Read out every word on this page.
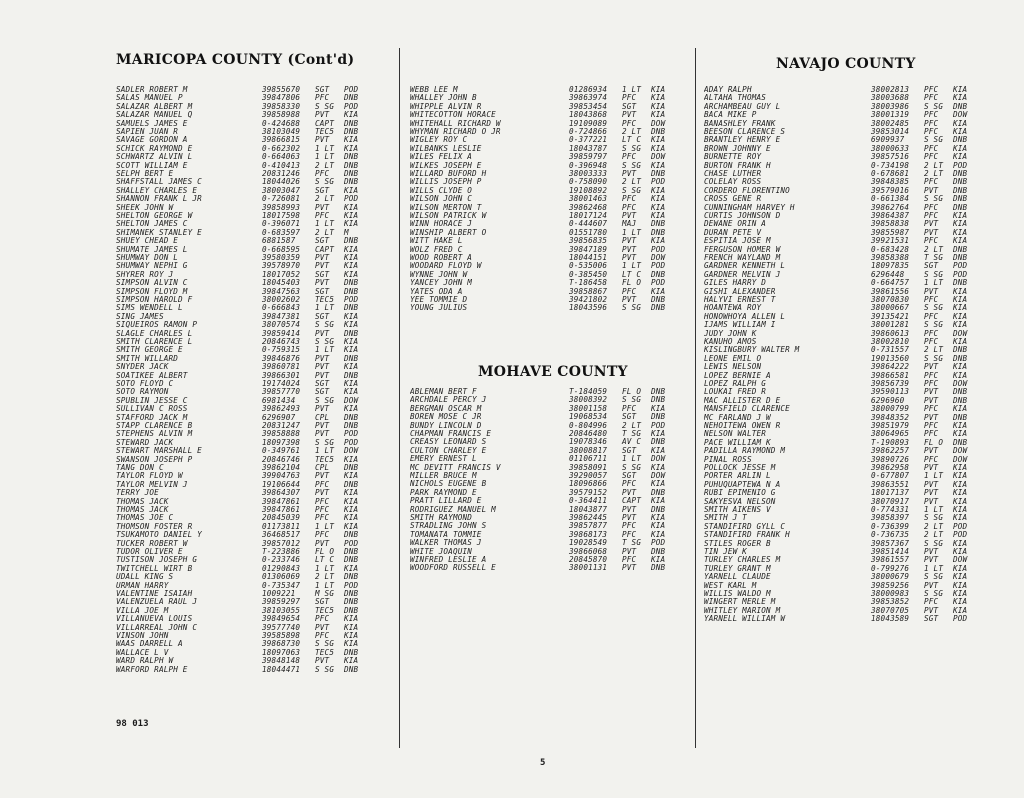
MARICOPA COUNTY (Cont'd)
SADLER ROBERT M	39855670	SGT	POD
SALAS MANUEL P	39847806	PFC	DNB
SALAZAR ALBERT M	39858330	S SG	POD
SALAZAR MANUEL Q	39858988	PVT	KIA
SAMUELS JAMES E	0-424688	CAPT	DNB
SAPIEN JUAN R	38103049	TEC5	DNB
SAVAGE GORDON A	39866815	PVT	KIA
SCHICK RAYMOND E	0-662302	1 LT	KIA
SCHWARTZ ALVIN L	0-664063	1 LT	DNB
SCOTT WILLIAM E	0-410413	2 LT	DNB
SELPH BERT E	20831246	PFC	DNB
SHAFFSTALL JAMES C	18044026	S SG	DNB
SHALLEY CHARLES E	38003047	SGT	KIA
SHANNON FRANK L JR	0-726081	2 LT	POD
SHEEK JOHN W	39858993	PVT	KIA
SHELTON GEORGE W	18017598	PFC	KIA
SHELTON JAMES C	0-396071	1 LT	KIA
SHIMANEK STANLEY E	0-683597	2 LT	M
SHUEY CHEAD E	6881587	SGT	DNB
SHUMATE JAMES L	0-668595	CAPT	KIA
SHUMWAY DON L	39580359	PVT	KIA
SHUMWAY NEPHI G	39578970	PVT	KIA
SHYRER ROY J	18017052	SGT	KIA
SIMPSON ALVIN C	18045403	PVT	DNB
SIMPSON FLOYD M	39847563	SGT	DNB
SIMPSON HAROLD F	38002602	TEC5	POD
SIMS WENDELL L	0-666843	1 LT	DNB
SING JAMES	39847381	SGT	KIA
SIQUEIROS RAMON P	38070574	S SG	KIA
SLAGLE CHARLES L	39859414	PVT	DNB
SMITH CLARENCE L	20846743	S SG	KIA
SMITH GEORGE E	0-759315	1 LT	KIA
SMITH WILLARD	39846876	PVT	DNB
SNYDER JACK	39860781	PVT	KIA
SOATIKEE ALBERT	39866301	PVT	DNB
SOTO FLOYD C	19174024	SGT	KIA
SOTO RAYMON	39857770	SGT	KIA
SPUBLIN JESSE C	6981434	S SG	DOW
SULLIVAN C ROSS	39862493	PVT	KIA
STAFFORD JACK M	6296907	CPL	DNB
STAPP CLARENCE B	20831247	PVT	DNB
STEPHENS ALVIN M	39858888	PVT	POD
STEWARD JACK	18097398	S SG	POD
STEWART MARSHALL E	0-349761	1 LT	DOW
SWANSON JOSEPH P	20846746	TEC5	KIA
TANG DON C	39862104	CPL	DNB
TAYLOR FLOYD W	39904763	PVT	KIA
TAYLOR MELVIN J	19106644	PFC	DNB
TERRY JOE	39864307	PVT	KIA
THOMAS JACK	39847861	PFC	KIA
THOMAS JACK	39847861	PFC	KIA
THOMAS JOE C	20845039	PFC	KIA
THOMSON FOSTER R	01173811	1 LT	KIA
TSUKAMOTO DANIEL Y	36468517	PFC	DNB
TUCKER ROBERT W	39857012	PVT	POD
TUDOR OLIVER E	T-223886	FL O	DNB
TUSTISON JOSEPH G	0-233746	LT C	DNB
TWITCHELL WIRT B	01290843	1 LT	KIA
UDALL KING S	01306069	2 LT	DNB
URMAN HARRY	0-735347	1 LT	POD
VALENTINE ISAIAH	1009221	M SG	DNB
VALENZUELA RAUL J	39859297	SGT	DNB
VILLA JOE M	38103055	TEC5	DNB
VILLANUEVA LOUIS	39849654	PFC	KIA
VILLARREAL JOHN C	39577740	PVT	KIA
VINSON JOHN	39585898	PFC	KIA
WAAS DARRELL A	39868730	S SG	KIA
WALLACE L V	18097063	TEC5	DNB
WARD RALPH W	39848148	PVT	KIA
WARFORD RALPH E	18044471	S SG	DNB
MOHAVE COUNTY
WEBB LEE M	01286934	1 LT	KIA
WHALLEY JOHN B	39863974	PFC	KIA
WHIPPLE ALVIN R	39853454	SGT	KIA
WHITECOTTON HORACE	18043868	PVT	KIA
WHITEHALL RICHARD W	19109089	PFC	DOW
WHYMAN RICHARD O JR	0-724866	2 LT	DNB
WIGLEY ROY C	0-377221	LT C	KIA
WILBANKS LESLIE	18043787	S SG	KIA
WILES FELIX A	39859797	PFC	DOW
WILKES JOSEPH E	0-396948	S SG	KIA
WILLARD BUFORD H	38003333	PVT	DNB
WILLIS JOSEPH P	0-758090	2 LT	POD
WILLS CLYDE O	19108892	S SG	KIA
WILSON JOHN C	38001463	PFC	KIA
WILSON MERTON T	39862468	PFC	KIA
WILSON PATRICK W	18017124	PVT	KIA
WINN HORACE J	0-444607	MAJ	DNB
WINSHIP ALBERT O	01551780	1 LT	DNB
WITT HAKE L	39856835	PVT	KIA
WOLZ FRED C	39847189	PVT	POD
WOOD ROBERT A	18044151	PVT	DOW
WOODARD FLOYD W	0-535006	1 LT	POD
WYNNE JOHN W	0-385450	LT C	DNB
YANCEY JOHN M	T-186458	FL O	POD
YATES ODA A	39858867	PFC	KIA
YEE TOMMIE D	39421802	PVT	DNB
YOUNG JULIUS	18043596	S SG	DNB
ABLEMAN BERT F	T-184059	FL O	DNB
ARCHDALE PERCY J	38008392	S SG	DNB
BERGMAN OSCAR M	38001158	PFC	KIA
BOREN MOSE C JR	19068534	SGT	DNB
BUNDY LINCOLN D	0-804996	2 LT	POD
CHAPMAN FRANCIS E	20846480	T SG	KIA
CREASY LEONARD S	19078346	AV C	DNB
CULTON CHARLEY E	38008817	SGT	KIA
EMERY ERNEST L	01106711	1 LT	DOW
MC DEVITT FRANCIS V	39858091	S SG	KIA
MILLER BRUCE M	39290057	SGT	DOW
NICHOLS EUGENE B	18096866	PFC	KIA
PARK RAYMOND E	39579152	PVT	DNB
PRATT LILLARD E	0-364411	CAPT	KIA
RODRIGUEZ MANUEL M	18043877	PVT	DNB
SMITH RAYMOND	39862445	PVT	KIA
STRADLING JOHN S	39857877	PFC	KIA
TOMANATA TOMMIE	39868173	PFC	KIA
WALKER THOMAS J	19028549	T SG	POD
WHITE JOAQUIN	39866068	PVT	DNB
WINFRED LESLIE A	20845870	PFC	KIA
WOODFORD RUSSELL E	38001131	PVT	DNB
NAVAJO COUNTY
ADAY RALPH	38002813	PFC	KIA
ALTAHA THOMAS	38003688	PFC	KIA
ARCHAMBEAU GUY L	38003986	S SG	DNB
BACA MIKE P	38001319	PFC	DOW
BANASHLEY FRANK	38002485	PFC	KIA
BEESON CLARENCE S	39853014	PFC	KIA
BRANTLEY HENRY E	6909937	S SG	DNB
BROWN JOHNNY E	38000633	PFC	KIA
BURNETTE ROY	39857516	PFC	KIA
BURTON FRANK H	0-734198	2 LT	POD
CHASE LUTHER	0-678681	2 LT	DNB
COLELAY ROSS	39848385	PFC	DNB
CORDERO FLORENTINO	39579016	PVT	DNB
CROSS GENE R	0-661384	S SG	DNB
CUNNINGHAM HARVEY H	39862764	PFC	DNB
CURTIS JOHNSON D	39864387	PFC	KIA
DEWANE ORIN A	39858838	PVT	KIA
DURAN PETE V	39855987	PVT	KIA
ESPITIA JOSE M	39921531	PFC	KIA
FERGUSON HOMER W	0-683428	2 LT	DNB
FRENCH WAYLAND M	39858388	T SG	DNB
GARDNER KENNETH L	18097835	SGT	POD
GARDNER MELVIN J	6296448	S SG	POD
GILES HARRY D	0-664757	1 LT	DNB
GISHI ALEXANDER	39861556	PVT	KIA
HALYVI ERNEST T	38070830	PFC	KIA
HOANTEWA ROY	38000667	S SG	KIA
HONOWHOYA ALLEN L	39135421	PFC	KIA
IJAMS WILLIAM I	38001281	S SG	KIA
JUDY JOHN K	39860613	PFC	DOW
KANUHO AMOS	38002810	PFC	KIA
KISLINGBURY WALTER M	0-731557	2 LT	DNB
LEONE EMIL O	19013560	S SG	DNB
LEWIS NELSON	39864222	PVT	KIA
LOPEZ BERNIE A	39866581	PFC	KIA
LOPEZ RALPH G	39856739	PFC	DOW
LOUKAI FRED R	39590113	PVT	DNB
MAC ALLISTER D E	6296960	PVT	DNB
MANSFIELD CLARENCE	38000799	PFC	KIA
MC FARLAND J W	39848352	PVT	DNB
NEHOITEWA OWEN R	39851979	PFC	KIA
NELSON WALTER	38064965	PFC	KIA
PACE WILLIAM K	T-190893	FL O	DNB
PADILLA RAYMOND M	39862257	PVT	DOW
PINAL ROSS	39890726	PFC	DOW
POLLOCK JESSE M	39862958	PVT	KIA
PORTER ARLIN L	0-677807	1 LT	KIA
PUHUQUAPTEWA N A	39863551	PVT	KIA
RUBI EPIMENIO G	18017137	PVT	KIA
SAKYESVA NELSON	38070917	PVT	KIA
SMITH AIKENS V	0-774331	1 LT	KIA
SMITH J T	39858397	S SG	KIA
STANDIFIRD GYLL C	0-736399	2 LT	POD
STANDIFIRD FRANK H	0-736735	2 LT	POD
STILES ROGER B	39857367	S SG	KIA
TIN JEW K	39851414	PVT	KIA
TURLEY CHARLES M	39861557	PVT	DOW
TURLEY GRANT M	0-799276	1 LT	KIA
YARNELL CLAUDE	38000679	S SG	KIA
WEST KARL M	39859256	PVT	KIA
WILLIS WALDO M	38000983	S SG	KIA
WINGERT MERLE M	39853852	PFC	KIA
WHITLEY MARION M	38070705	PVT	KIA
YARNELL WILLIAM W	18043589	SGT	POD
98 013
5
